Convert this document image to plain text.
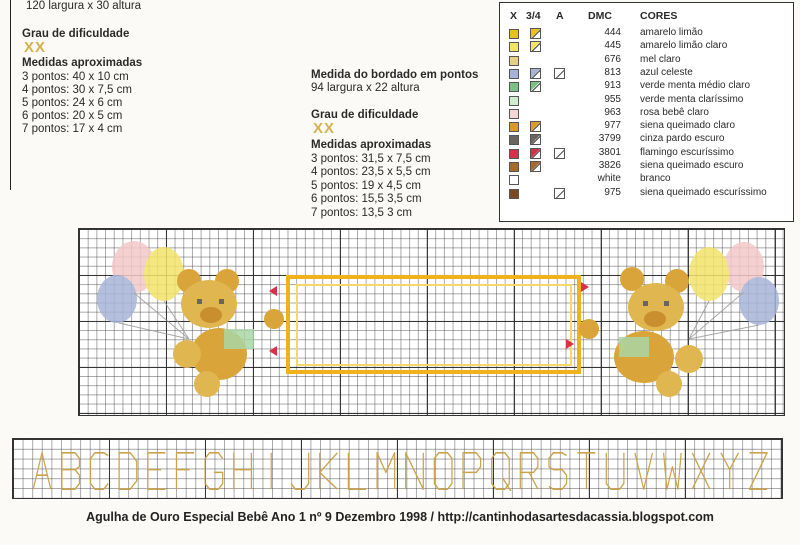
120 largura x 30 altura
Grau de dificuldade
XX
Medidas aproximadas
3 pontos: 40 x 10 cm
4 pontos: 30 x 7,5 cm
5 pontos: 24 x 6 cm
6 pontos: 20 x 5 cm
7 pontos: 17 x 4 cm
Medida do bordado em pontos
94 largura x 22 altura
Grau de dificuldade
XX
Medidas aproximadas
3 pontos: 31,5 x 7,5 cm
4 pontos: 23,5 x 5,5 cm
5 pontos: 19 x 4,5 cm
6 pontos: 15,5 3,5 cm
7 pontos: 13,5 3 cm
X 3/4 A DMC	CORES
444 amarelo limão
445 amarelo limão claro
676 mel claro
813 azul celeste
913 verde menta médio claro
955 verde menta claríssimo
963 rosa bebê claro
977 siena queimado claro
3799 cinza pardo escuro
3801 flamingo escuríssimo
3826 siena queimado escuro
white branco
975 siena queimado escuríssimo
Agulha de Ouro Especial Bebê Ano 1 nº 9 Dezembro 1998 / http://cantinhodasartesdacassia.blogspot.com
